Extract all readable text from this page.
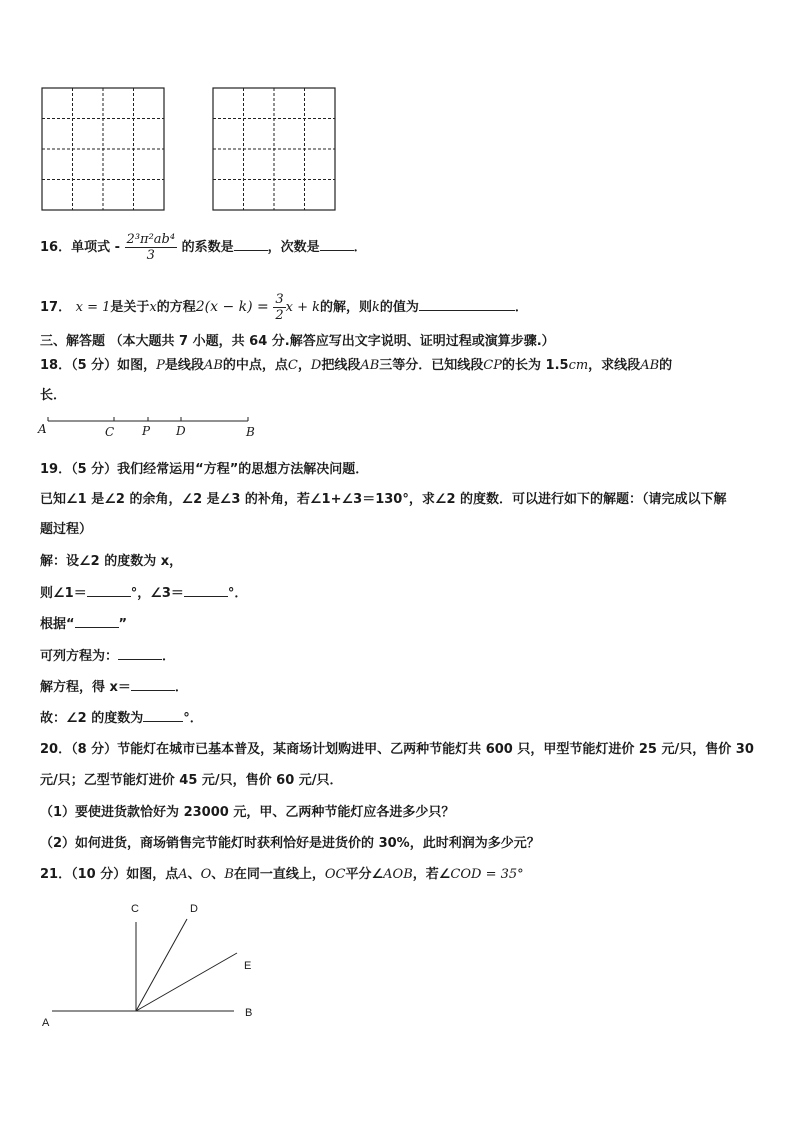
16．单项式 - $\frac{\text{2³π²ab⁴}}{3}$ 的系数是	，次数是	．
17． x = 1是关于x的方程$2(x - k) = \frac{3}{2}$ x + k的解，则k的值为	．
三、解答题 （本大题共 7 小题，共 64 分.解答应写出文字说明、证明过程或演算步骤.）
18．（5 分）如图，P是线段AB的中点，点C，D把线段AB三等分．已知线段CP的长为 1.5cm，求线段AB的
长．
A	C P D	B
19．（5 分）我们经常运用“方程”的思想方法解决问题．
已知∠1 是∠2 的余角，∠2 是∠3 的补角，若∠1+∠3＝130°，求∠2 的度数．可以进行如下的解题：（请完成以下解
题过程）
解：设∠2 的度数为 x，
则∠1＝	°，∠3＝	°．
根据“	”
可列方程为：	．
解方程，得 x＝	．
故：∠2 的度数为	°．
20．（8 分）节能灯在城市已基本普及，某商场计划购进甲、乙两种节能灯共 600 只，甲型节能灯进价 25 元/只，售价 30
元/只；乙型节能灯进价 45 元/只，售价 60 元/只．
（1）要使进货款恰好为 23000 元，甲、乙两种节能灯应各进多少只？
（2）如何进货，商场销售完节能灯时获利恰好是进货价的 30%，此时利润为多少元？
21．（10 分）如图，点A、O、B在同一直线上，OC平分∠AOB，若∠COD = 35°
C	D
E
A
B
